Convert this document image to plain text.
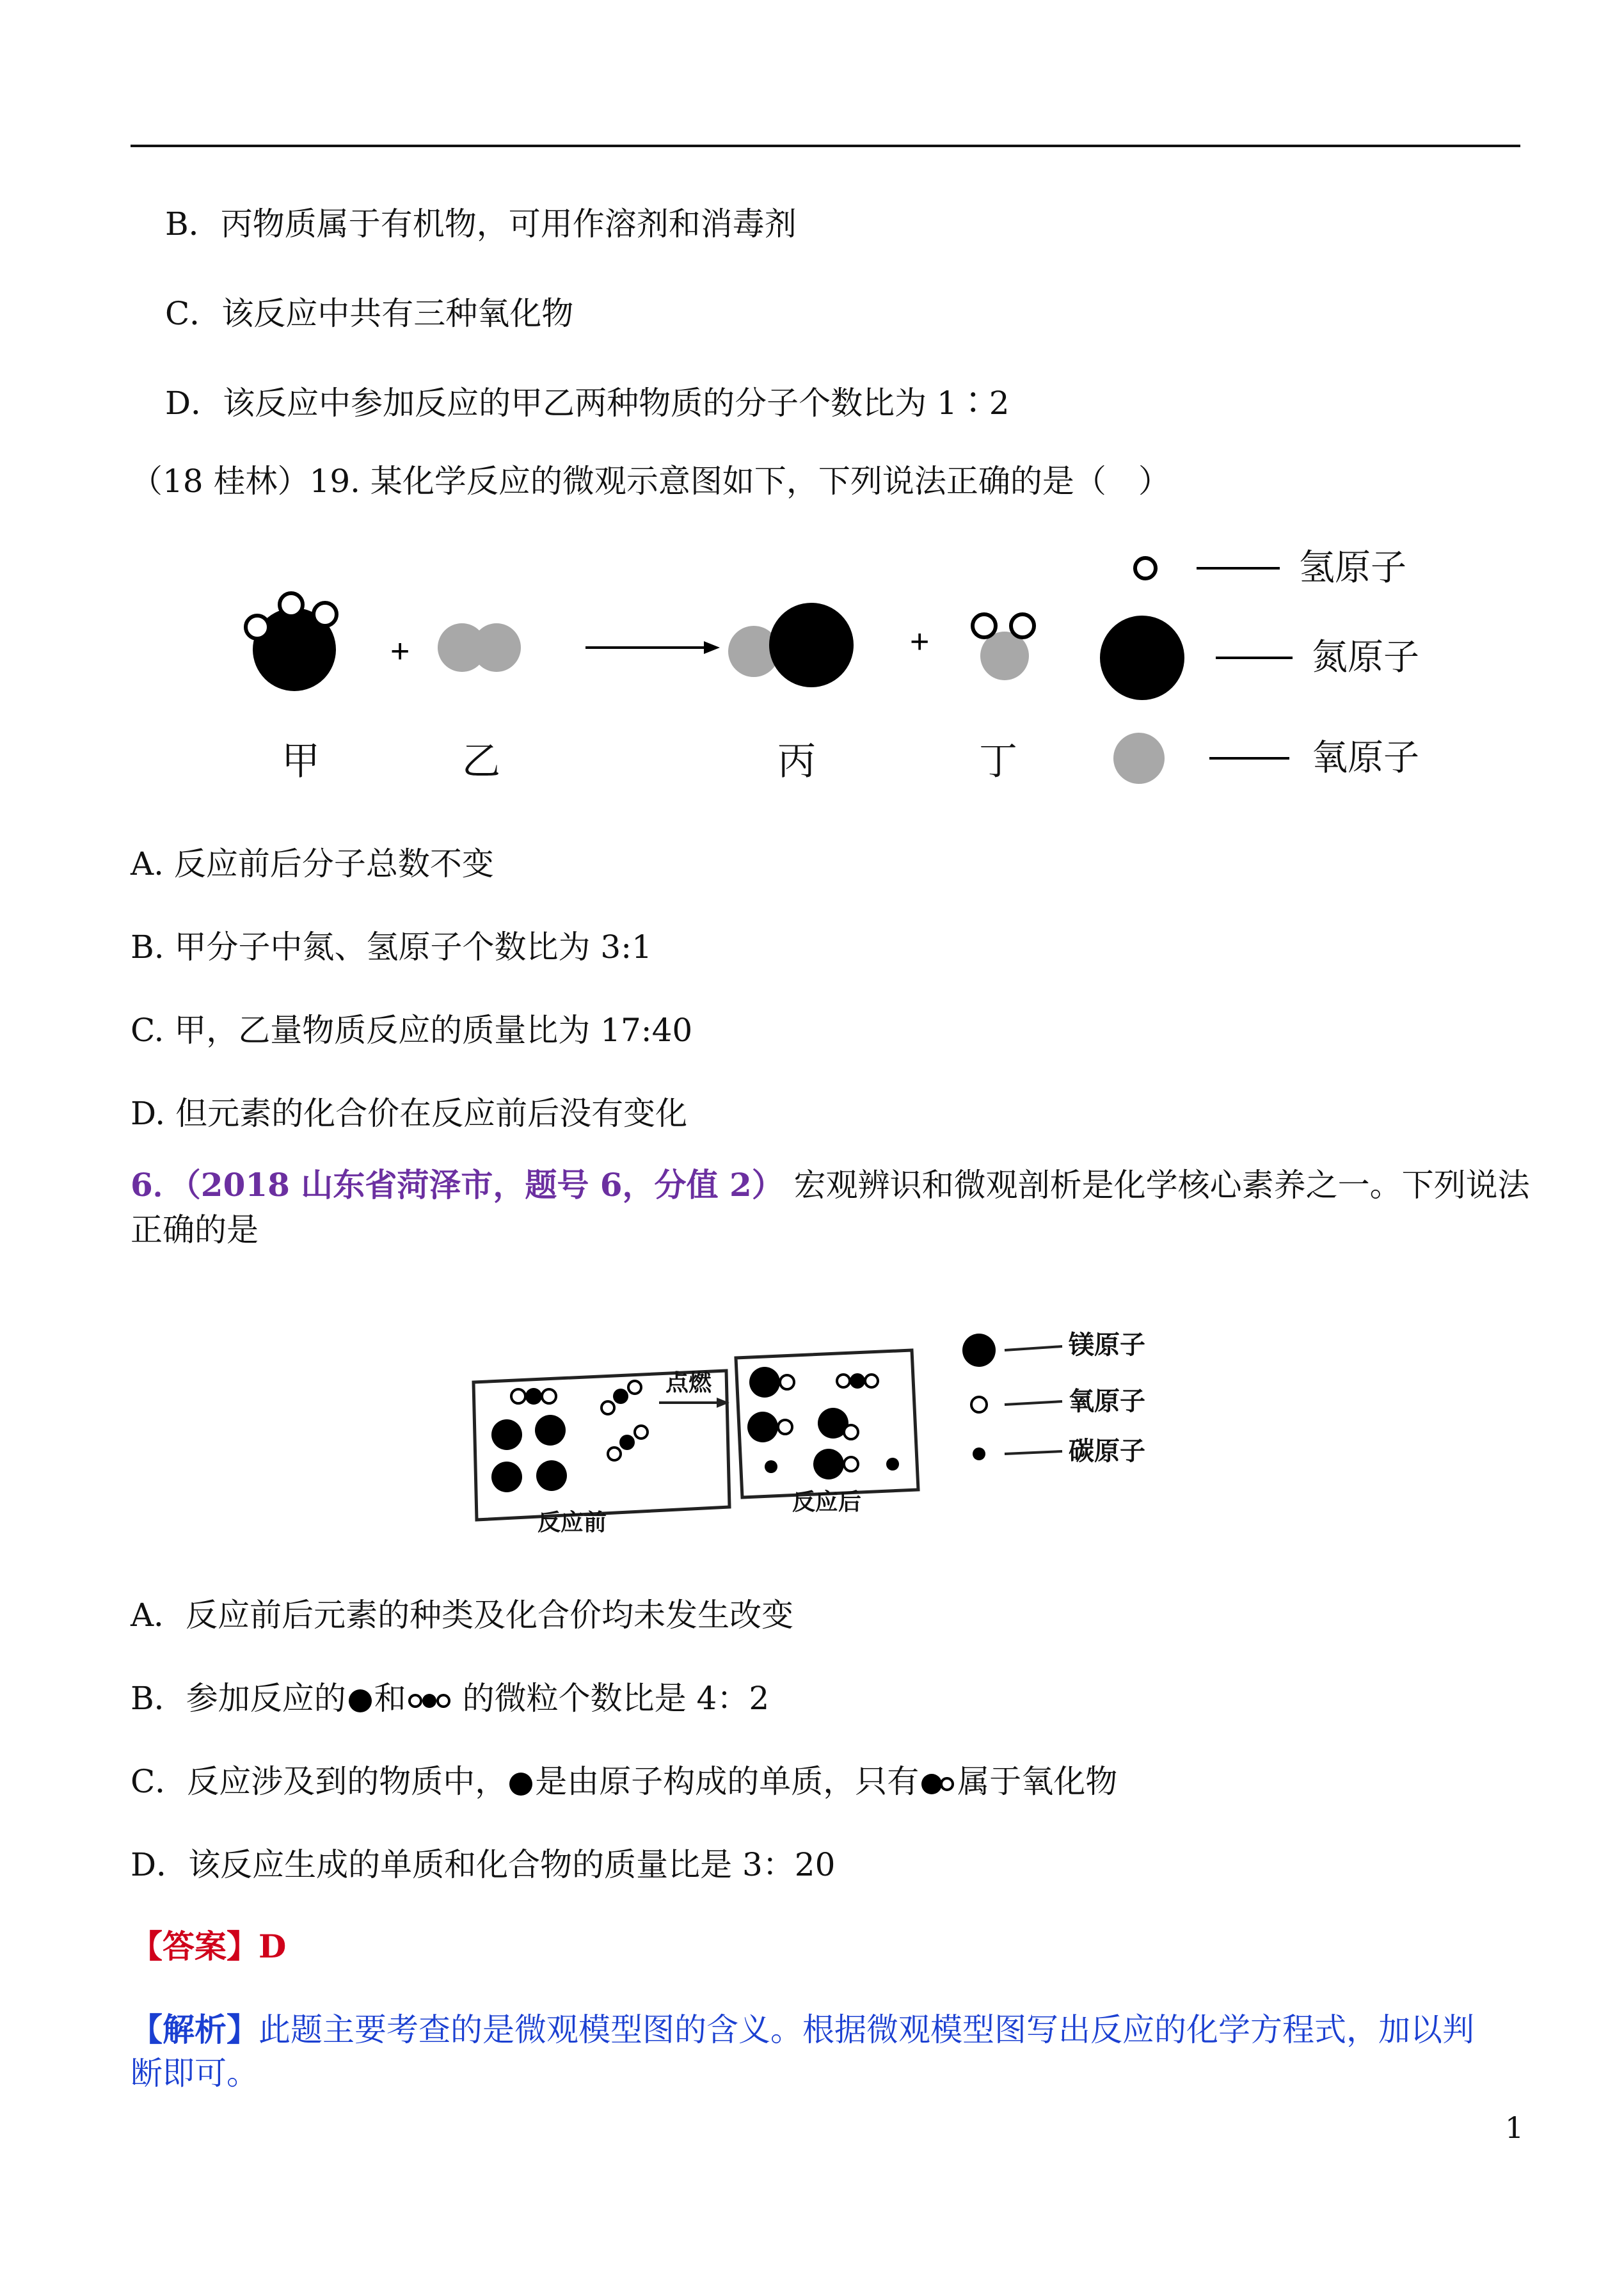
B．丙物质属于有机物，可用作溶剂和消毒剂
C．该反应中共有三种氧化物
D．该反应中参加反应的甲乙两种物质的分子个数比为 1∶2
（18 桂林）19. 某化学反应的微观示意图如下，下列说法正确的是（　）
+	+
甲	乙	丙	丁
氢原子
氮原子
氧原子
A. 反应前后分子总数不变
B. 甲分子中氮、氢原子个数比为 3:1
C. 甲，乙量物质反应的质量比为 17:40
D. 但元素的化合价在反应前后没有变化
6．（2018 山东省菏泽市，题号 6，分值 2） 宏观辨识和微观剖析是化学核心素养之一。下列说法
正确的是
点燃
反应前
反应后
镁原子
氧原子
碳原子
A．反应前后元素的种类及化合价均未发生改变
B．参加反应的 和 的微粒个数比是 4：2
C．反应涉及到的物质中， 是由原子构成的单质，只有 属于氧化物
D．该反应生成的单质和化合物的质量比是 3：20
【答案】D
【解析】此题主要考查的是微观模型图的含义。根据微观模型图写出反应的化学方程式，加以判
断即可。
1
